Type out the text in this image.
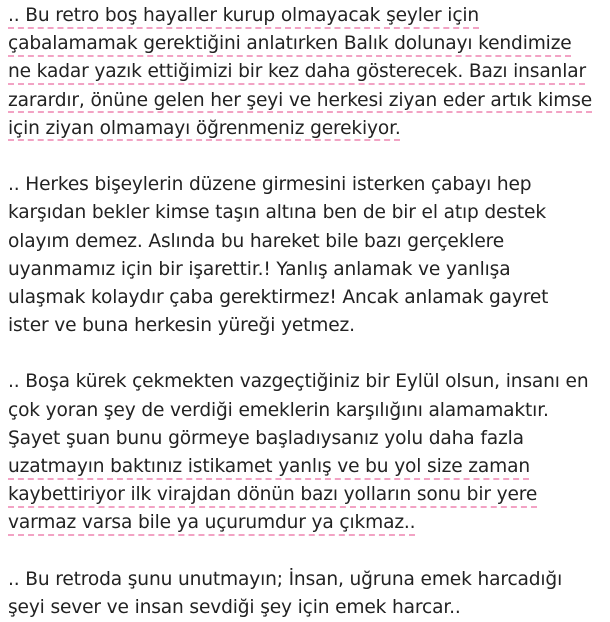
.. Bu retro boş hayaller kurup olmayacak şeyler için
çabalamamak gerektiğini anlatırken Balık dolunayı kendimize
ne kadar yazık ettiğimizi bir kez daha gösterecek. Bazı insanlar
zarardır, önüne gelen her şeyi ve herkesi ziyan eder artık kimse
için ziyan olmamayı öğrenmeniz gerekiyor.
.. Herkes bişeylerin düzene girmesini isterken çabayı hep
karşıdan bekler kimse taşın altına ben de bir el atıp destek
olayım demez. Aslında bu hareket bile bazı gerçeklere
uyanmamız için bir işarettir.! Yanlış anlamak ve yanlışa
ulaşmak kolaydır çaba gerektirmez! Ancak anlamak gayret
ister ve buna herkesin yüreği yetmez.
.. Boşa kürek çekmekten vazgeçtiğiniz bir Eylül olsun, insanı en
çok yoran şey de verdiği emeklerin karşılığını alamamaktır.
Şayet şuan bunu görmeye başladıysanız yolu daha fazla
uzatmayın baktınız istikamet yanlış ve bu yol size zaman
kaybettiriyor ilk virajdan dönün bazı yolların sonu bir yere
varmaz varsa bile ya uçurumdur ya çıkmaz..
.. Bu retroda şunu unutmayın; İnsan, uğruna emek harcadığı
şeyi sever ve insan sevdiği şey için emek harcar..
